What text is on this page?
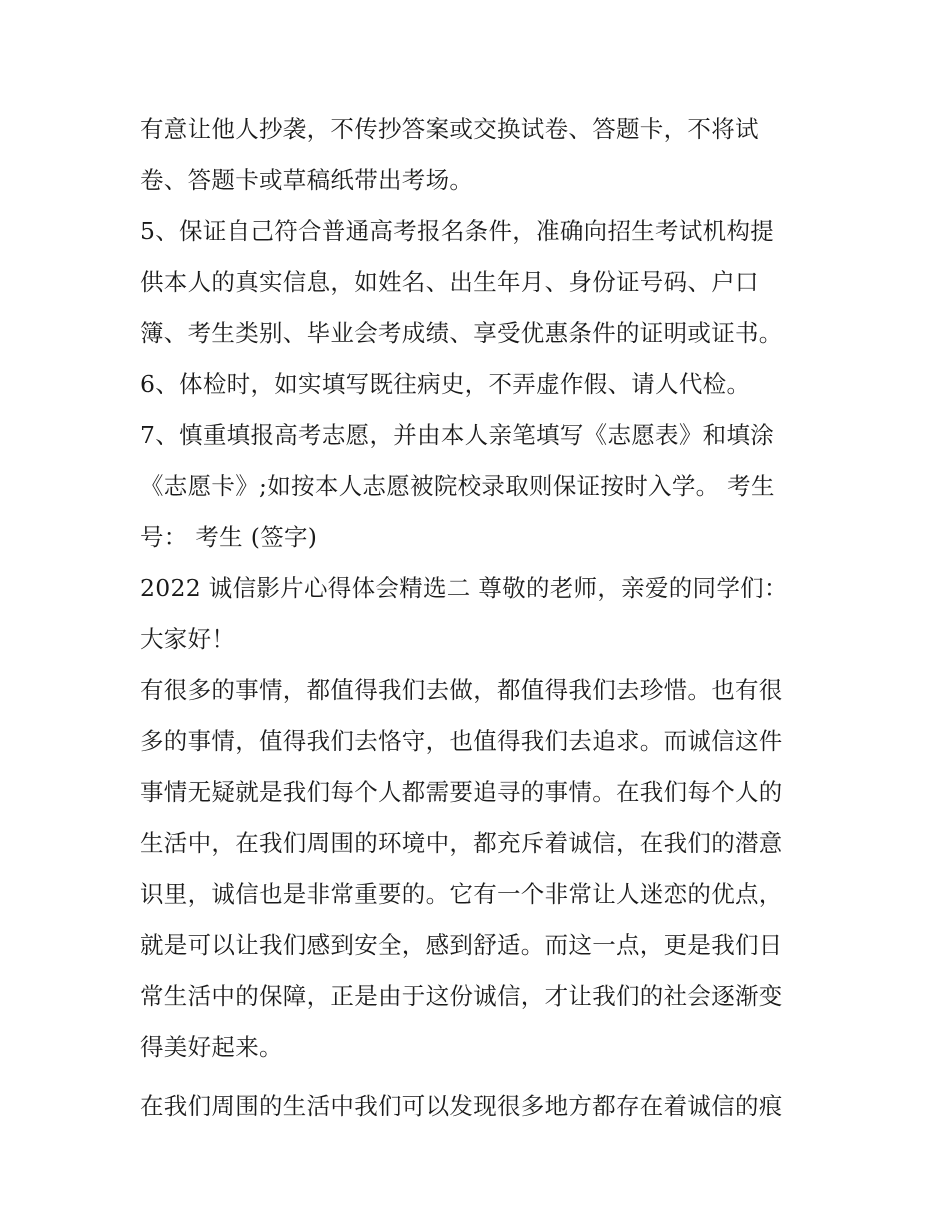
有意让他人抄袭，不传抄答案或交换试卷、答题卡，不将试
卷、答题卡或草稿纸带出考场。
5、保证自己符合普通高考报名条件，准确向招生考试机构提
供本人的真实信息，如姓名、出生年月、身份证号码、户口
簿、考生类别、毕业会考成绩、享受优惠条件的证明或证书。
6、体检时，如实填写既往病史，不弄虚作假、请人代检。
7、慎重填报高考志愿，并由本人亲笔填写《志愿表》和填涂
《志愿卡》;如按本人志愿被院校录取则保证按时入学。 考生
号： 考生 (签字)
2022 诚信影片心得体会精选二 尊敬的老师，亲爱的同学们：
大家好！
有很多的事情，都值得我们去做，都值得我们去珍惜。也有很
多的事情，值得我们去恪守，也值得我们去追求。而诚信这件
事情无疑就是我们每个人都需要追寻的事情。在我们每个人的
生活中，在我们周围的环境中，都充斥着诚信，在我们的潜意
识里，诚信也是非常重要的。它有一个非常让人迷恋的优点，
就是可以让我们感到安全，感到舒适。而这一点，更是我们日
常生活中的保障，正是由于这份诚信，才让我们的社会逐渐变
得美好起来。
在我们周围的生活中我们可以发现很多地方都存在着诚信的痕
